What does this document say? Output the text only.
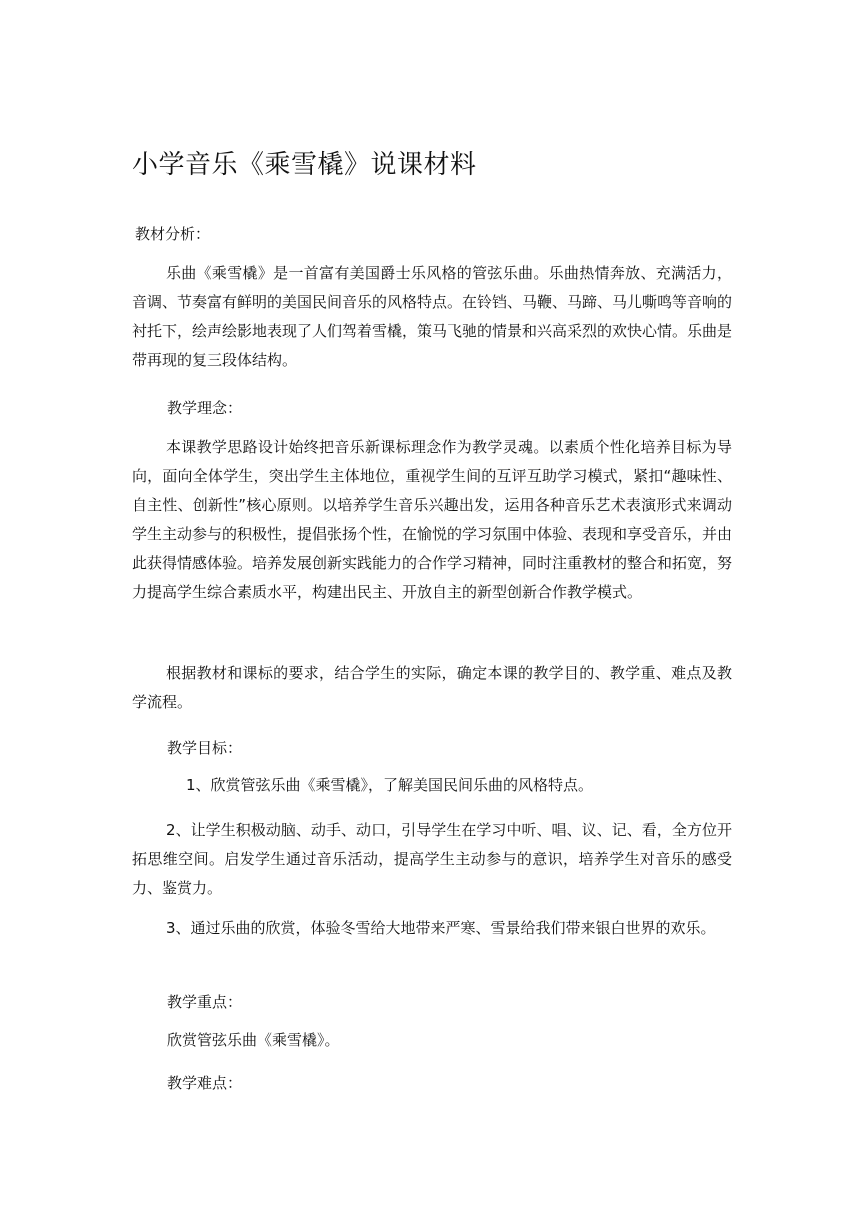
小学音乐《乘雪橇》说课材料

教材分析：

乐曲《乘雪橇》是一首富有美国爵士乐风格的管弦乐曲。乐曲热情奔放、充满活力，音调、节奏富有鲜明的美国民间音乐的风格特点。在铃铛、马鞭、马蹄、马儿嘶鸣等音响的衬托下，绘声绘影地表现了人们驾着雪橇，策马飞驰的情景和兴高采烈的欢快心情。乐曲是带再现的复三段体结构。

教学理念：

本课教学思路设计始终把音乐新课标理念作为教学灵魂。以素质个性化培养目标为导向，面向全体学生，突出学生主体地位，重视学生间的互评互助学习模式，紧扣“趣味性、自主性、创新性”核心原则。以培养学生音乐兴趣出发，运用各种音乐艺术表演形式来调动学生主动参与的积极性，提倡张扬个性，在愉悦的学习氛围中体验、表现和享受音乐，并由此获得情感体验。培养发展创新实践能力的合作学习精神，同时注重教材的整合和拓宽，努力提高学生综合素质水平，构建出民主、开放自主的新型创新合作教学模式。

根据教材和课标的要求，结合学生的实际，确定本课的教学目的、教学重、难点及教学流程。

教学目标：

1、欣赏管弦乐曲《乘雪橇》，了解美国民间乐曲的风格特点。

2、让学生积极动脑、动手、动口，引导学生在学习中听、唱、议、记、看，全方位开拓思维空间。启发学生通过音乐活动，提高学生主动参与的意识，培养学生对音乐的感受力、鉴赏力。

3、通过乐曲的欣赏，体验冬雪给大地带来严寒、雪景给我们带来银白世界的欢乐。

教学重点：

欣赏管弦乐曲《乘雪橇》。

教学难点：
